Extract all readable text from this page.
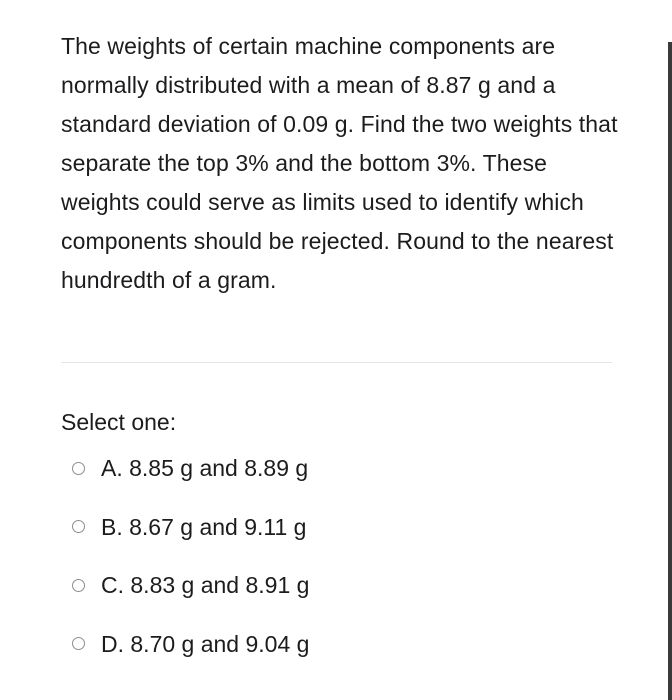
The weights of certain machine components are normally distributed with a mean of 8.87 g and a standard deviation of 0.09 g. Find the two weights that separate the top 3% and the bottom 3%. These weights could serve as limits used to identify which components should be rejected. Round to the nearest hundredth of a gram.

Select one:

A. 8.85 g and 8.89 g
B. 8.67 g and 9.11 g
C. 8.83 g and 8.91 g
D. 8.70 g and 9.04 g
